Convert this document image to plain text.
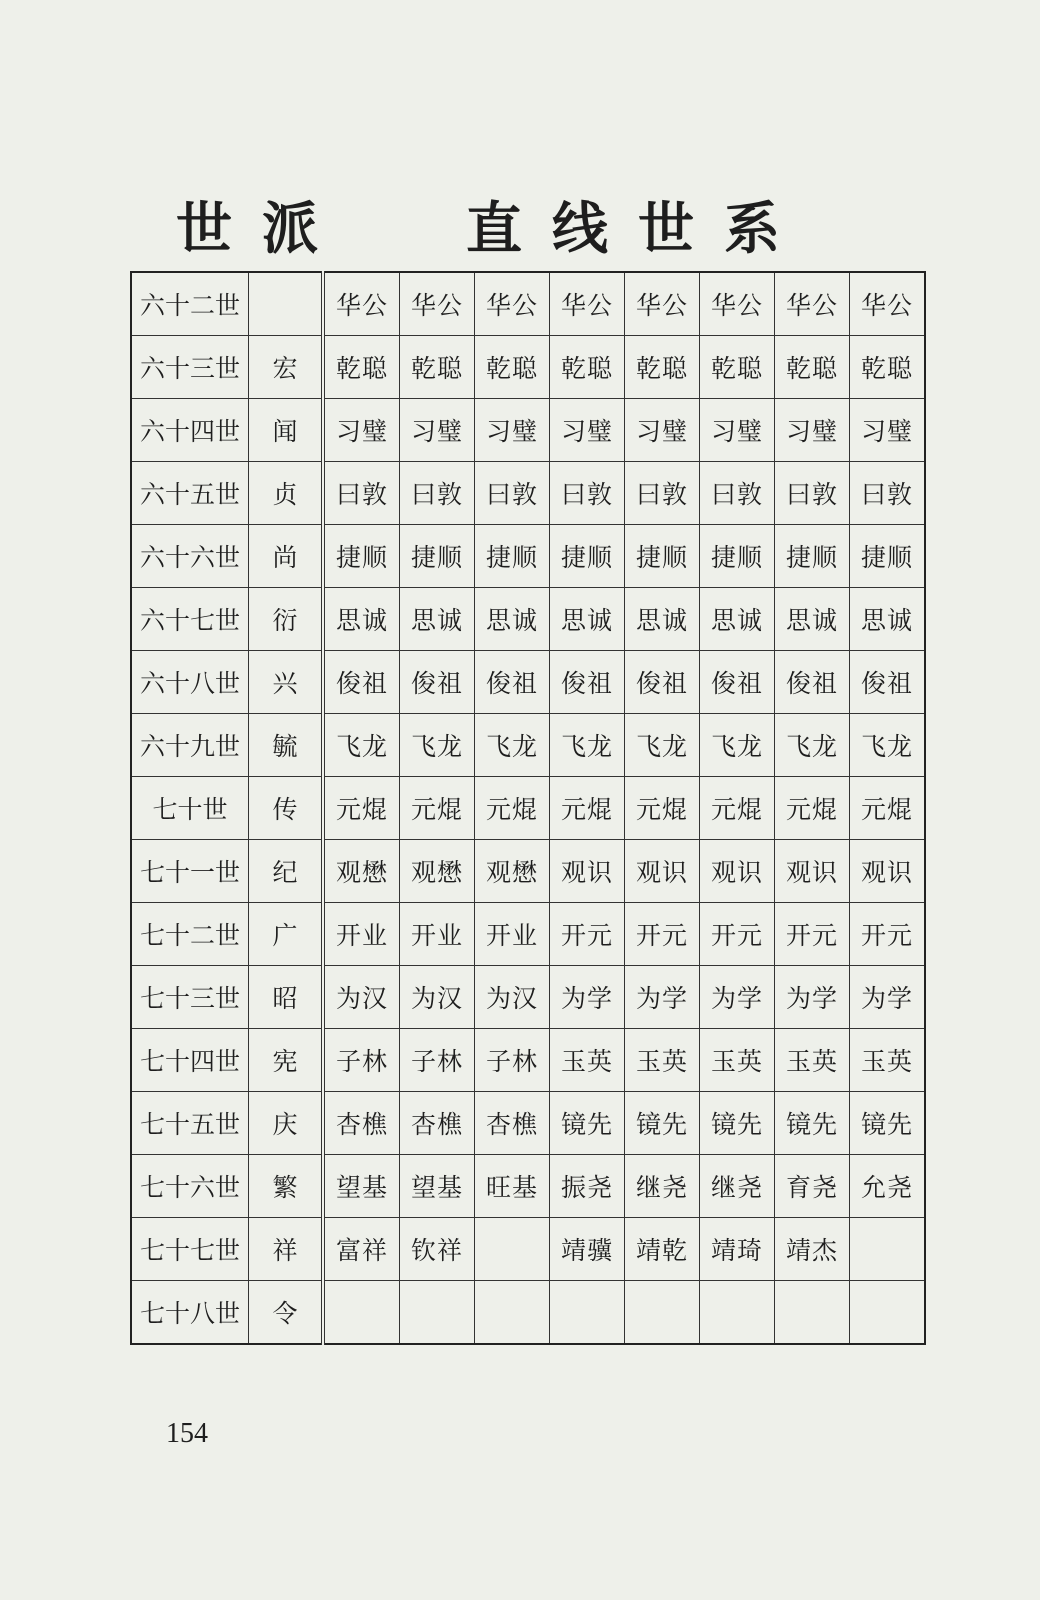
世派 直线世系
六十二世		华公	华公	华公	华公	华公	华公	华公	华公
六十三世	宏	乾聪	乾聪	乾聪	乾聪	乾聪	乾聪	乾聪	乾聪
六十四世	闻	习璧	习璧	习璧	习璧	习璧	习璧	习璧	习璧
六十五世	贞	曰敦	曰敦	曰敦	曰敦	曰敦	曰敦	曰敦	曰敦
六十六世	尚	捷顺	捷顺	捷顺	捷顺	捷顺	捷顺	捷顺	捷顺
六十七世	衍	思诚	思诚	思诚	思诚	思诚	思诚	思诚	思诚
六十八世	兴	俊祖	俊祖	俊祖	俊祖	俊祖	俊祖	俊祖	俊祖
六十九世	毓	飞龙	飞龙	飞龙	飞龙	飞龙	飞龙	飞龙	飞龙
七十世	传	元焜	元焜	元焜	元焜	元焜	元焜	元焜	元焜
七十一世	纪	观懋	观懋	观懋	观识	观识	观识	观识	观识
七十二世	广	开业	开业	开业	开元	开元	开元	开元	开元
七十三世	昭	为汉	为汉	为汉	为学	为学	为学	为学	为学
七十四世	宪	子林	子林	子林	玉英	玉英	玉英	玉英	玉英
七十五世	庆	杏樵	杏樵	杏樵	镜先	镜先	镜先	镜先	镜先
七十六世	繁	望基	望基	旺基	振尧	继尧	继尧	育尧	允尧
七十七世	祥	富祥	钦祥		靖骥	靖乾	靖琦	靖杰	
七十八世	令								
154
